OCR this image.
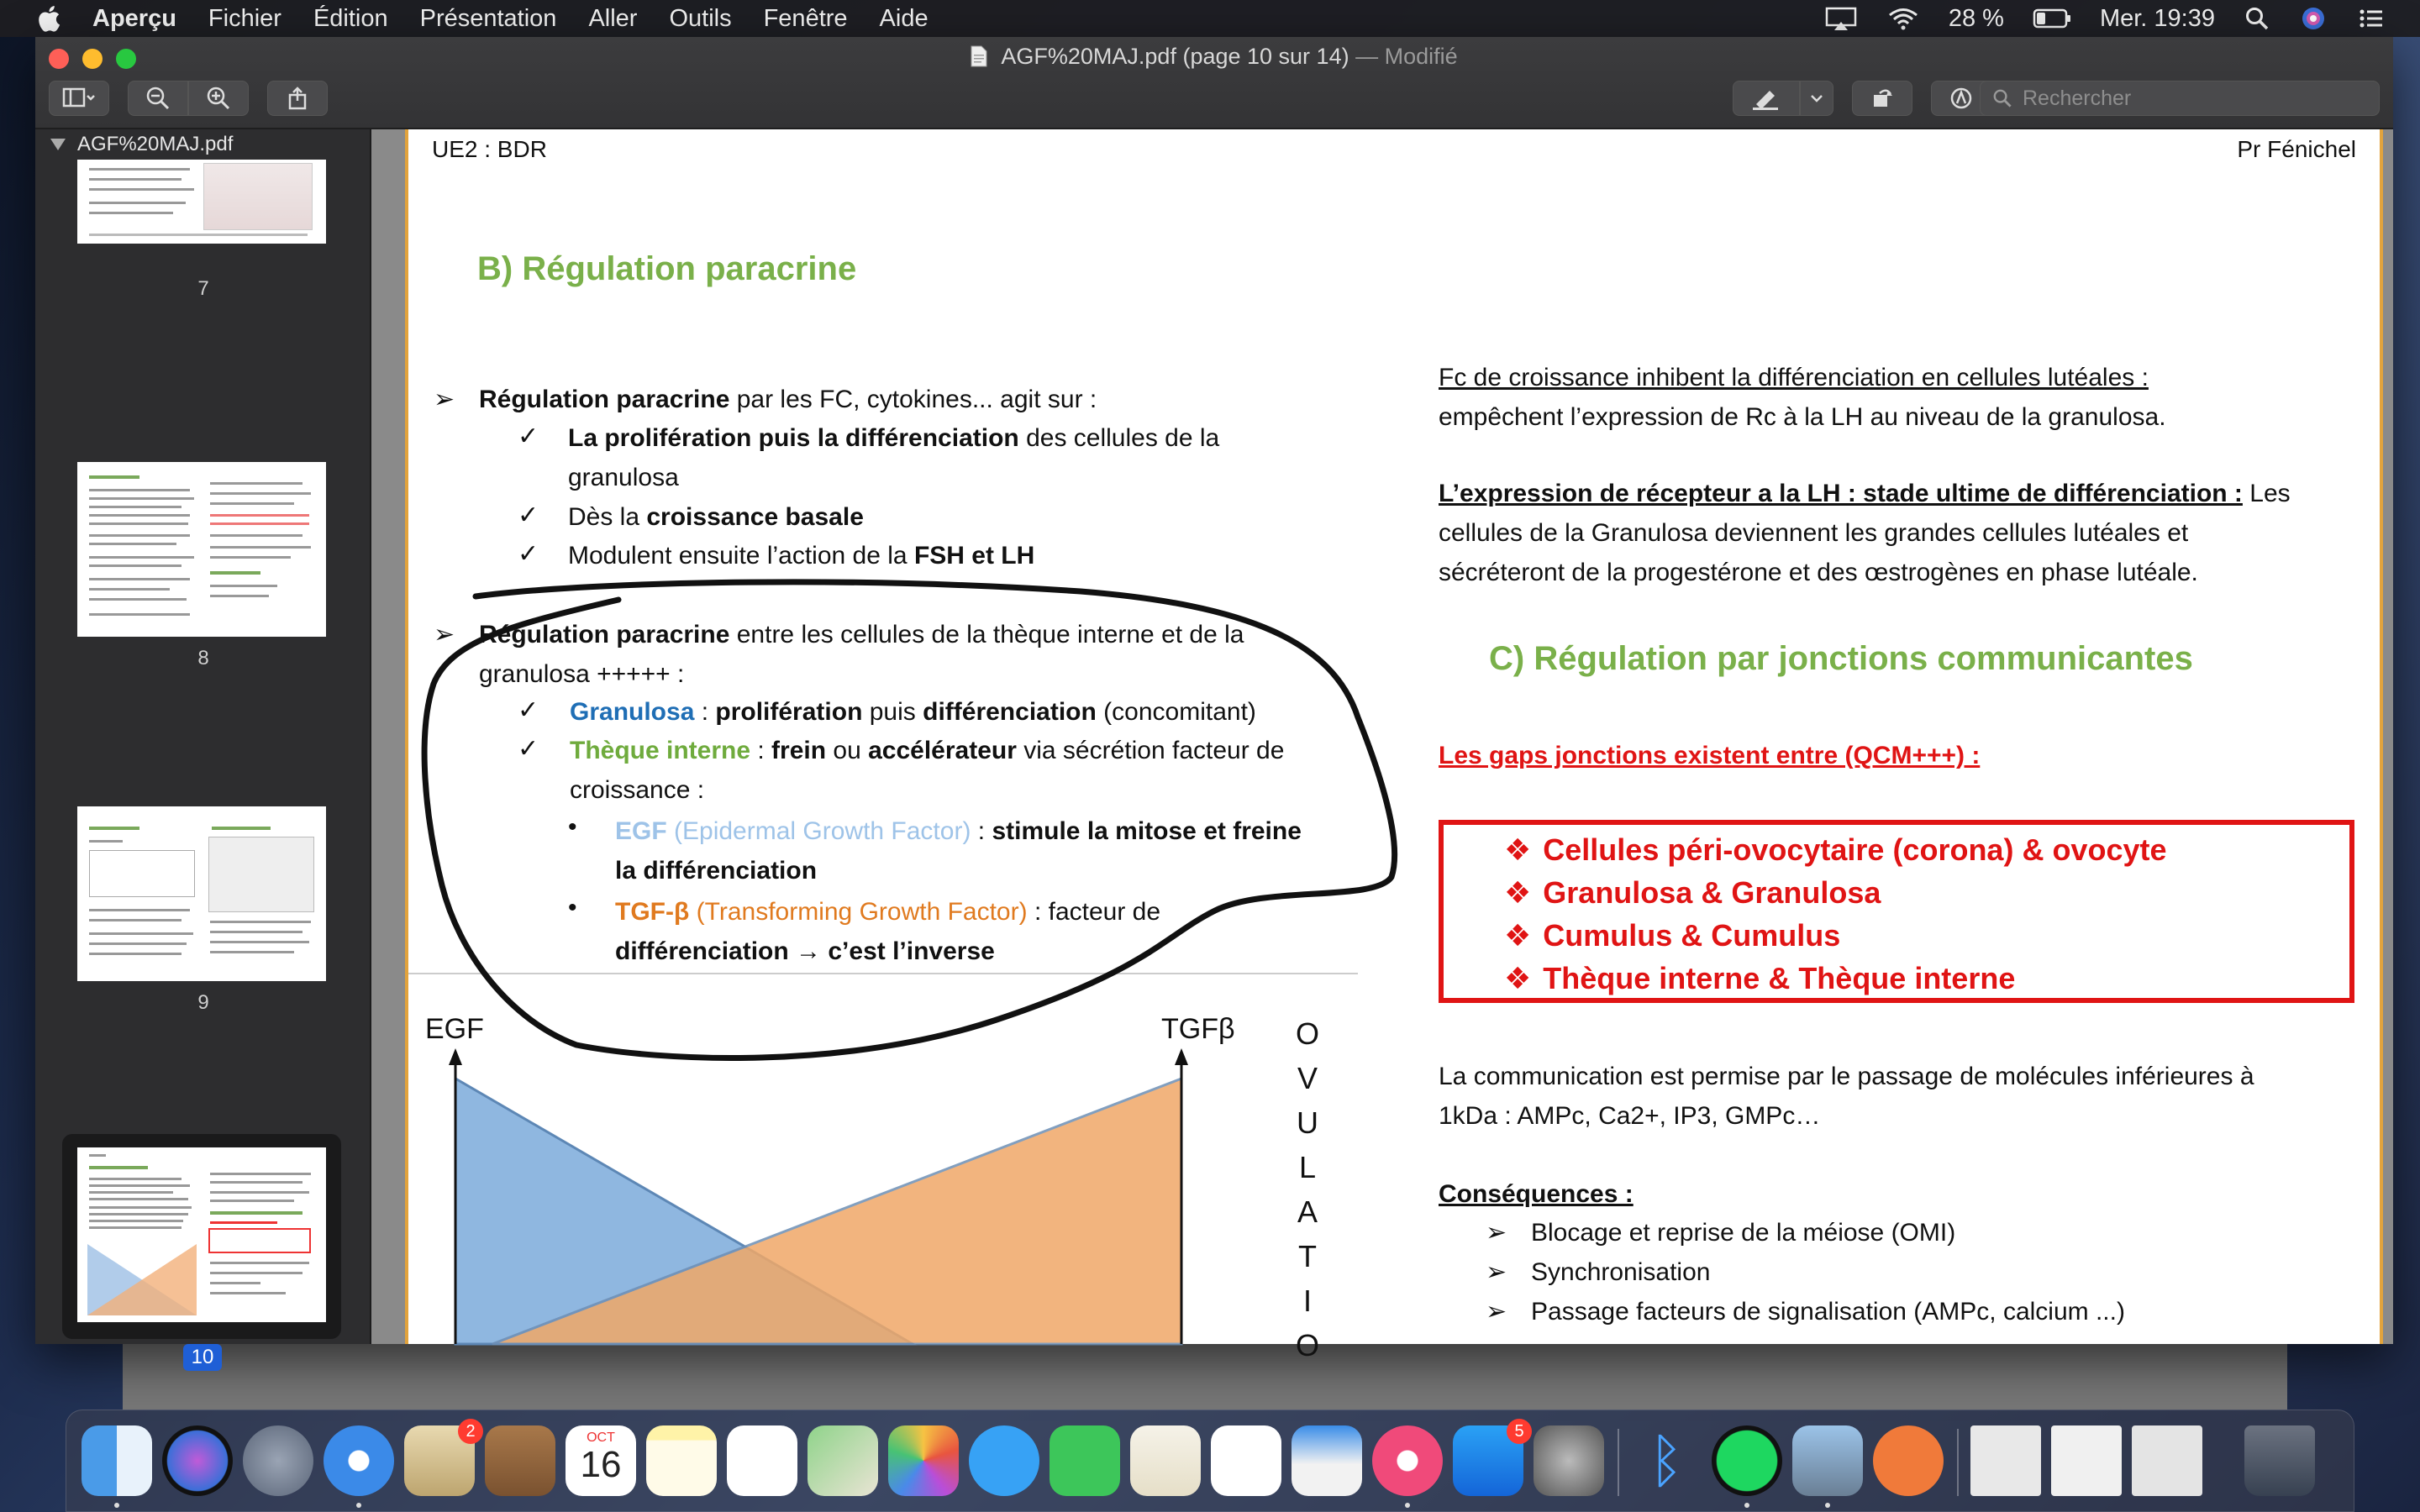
Aperçu Fichier Édition Présentation Aller Outils Fenêtre Aide	28 %	Mer. 19:39
AGF%20MAJ.pdf (page 10 sur 14) — Modifié
Rechercher
AGF%20MAJ.pdf
7
8
9
10
UE2 : BDR	Pr Fénichel
B) Régulation paracrine
➢ Régulation paracrine par les FC, cytokines... agit sur :
✓ La prolifération puis la différenciation des cellules de la
granulosa
✓ Dès la croissance basale
✓ Modulent ensuite l’action de la FSH et LH
➢ Régulation paracrine entre les cellules de la thèque interne et de la
granulosa +++++ :
✓ Granulosa : prolifération puis différenciation (concomitant)
✓ Thèque interne : frein ou accélérateur via sécrétion facteur de
croissance :
• EGF (Epidermal Growth Factor) : stimule la mitose et freine
la différenciation
• TGF-β (Transforming Growth Factor) : facteur de
différenciation → c’est l’inverse
EGF	TGFβ O
V
U
L
A
T
I
O
Fc de croissance inhibent la différenciation en cellules lutéales :
empêchent l’expression de Rc à la LH au niveau de la granulosa.
L’expression de récepteur a la LH : stade ultime de différenciation : Les
cellules de la Granulosa deviennent les grandes cellules lutéales et
sécréteront de la progestérone et des œstrogènes en phase lutéale.
C) Régulation par jonctions communicantes
Les gaps jonctions existent entre (QCM+++) :
❖ Cellules péri-ovocytaire (corona) & ovocyte
❖ Granulosa & Granulosa
❖ Cumulus & Cumulus
❖ Thèque interne & Thèque interne
La communication est permise par le passage de molécules inférieures à
1kDa : AMPc, Ca2+, IP3, GMPc…
Conséquences :
➢ Blocage et reprise de la méiose (OMI)
➢ Synchronisation
➢ Passage facteurs de signalisation (AMPc, calcium ...)
2	OCT
16
5	ᛒ
